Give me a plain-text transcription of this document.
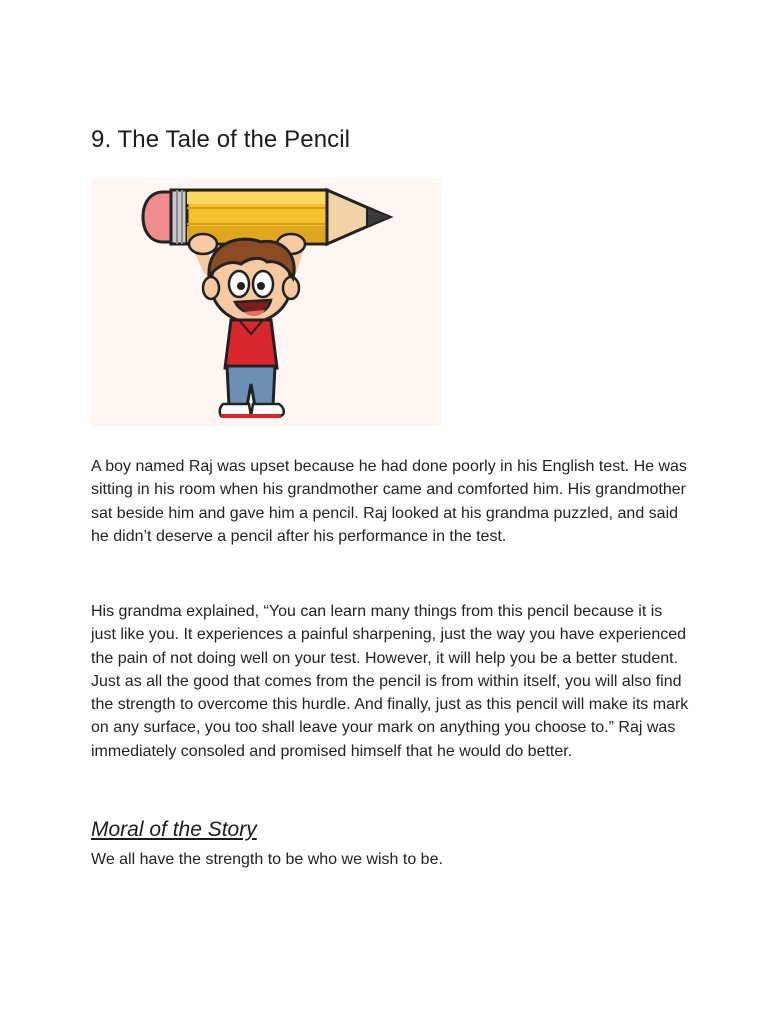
9. The Tale of the Pencil

A boy named Raj was upset because he had done poorly in his English test. He was sitting in his room when his grandmother came and comforted him. His grandmother sat beside him and gave him a pencil. Raj looked at his grandma puzzled, and said he didn’t deserve a pencil after his performance in the test.

His grandma explained, “You can learn many things from this pencil because it is just like you. It experiences a painful sharpening, just the way you have experienced the pain of not doing well on your test. However, it will help you be a better student. Just as all the good that comes from the pencil is from within itself, you will also find the strength to overcome this hurdle. And finally, just as this pencil will make its mark on any surface, you too shall leave your mark on anything you choose to.” Raj was immediately consoled and promised himself that he would do better.

Moral of the Story

We all have the strength to be who we wish to be.
